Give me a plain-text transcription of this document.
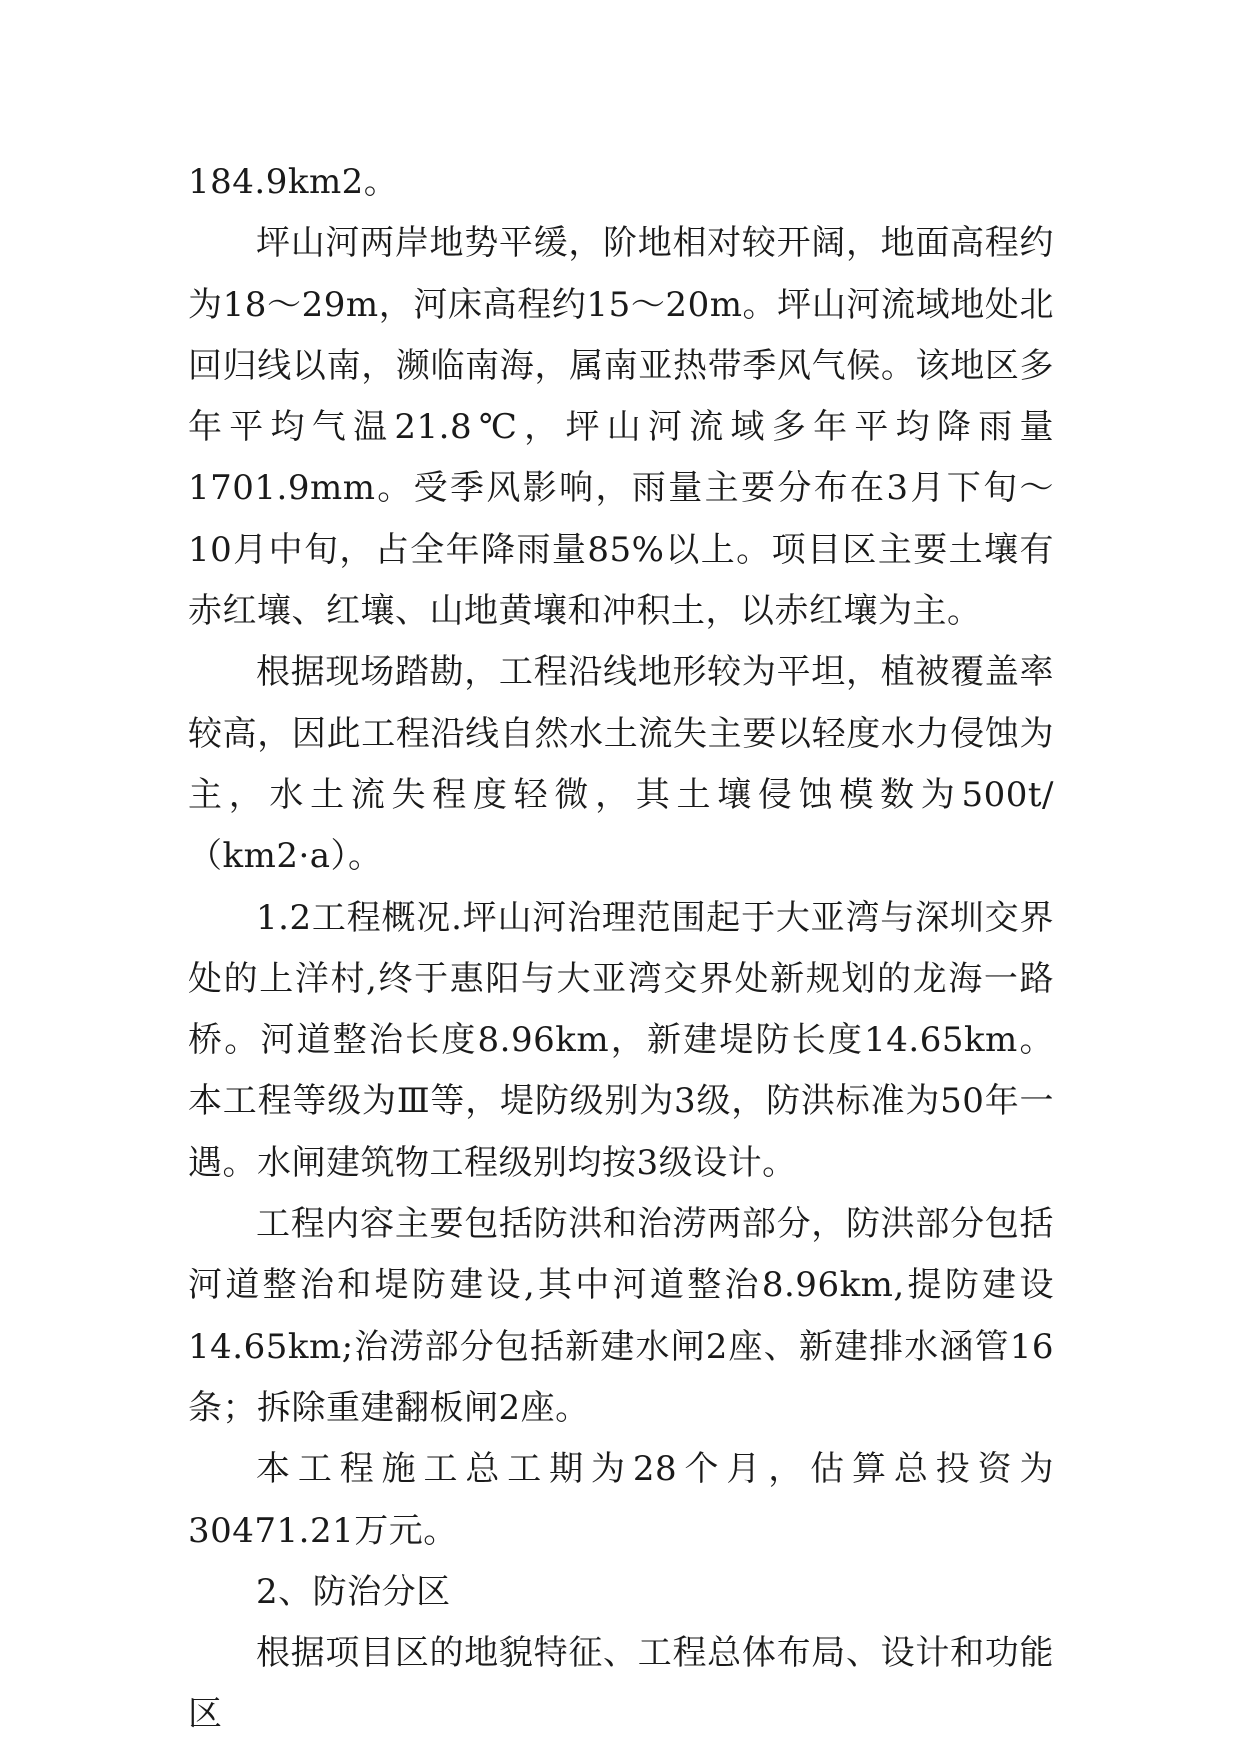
184.9km2。

坪山河两岸地势平缓，阶地相对较开阔，地面高程约为18～29m，河床高程约15～20m。坪山河流域地处北回归线以南，濒临南海，属南亚热带季风气候。该地区多年平均气温21.8℃，坪山河流域多年平均降雨量1701.9mm。受季风影响，雨量主要分布在3月下旬～10月中旬，占全年降雨量85%以上。项目区主要土壤有赤红壤、红壤、山地黄壤和冲积土，以赤红壤为主。

根据现场踏勘，工程沿线地形较为平坦，植被覆盖率较高，因此工程沿线自然水土流失主要以轻度水力侵蚀为主，水土流失程度轻微，其土壤侵蚀模数为500t/（km2·a）。

1.2工程概况.坪山河治理范围起于大亚湾与深圳交界处的上洋村,终于惠阳与大亚湾交界处新规划的龙海一路桥。河道整治长度8.96km，新建堤防长度14.65km。本工程等级为Ⅲ等，堤防级别为3级，防洪标准为50年一遇。水闸建筑物工程级别均按3级设计。

工程内容主要包括防洪和治涝两部分，防洪部分包括河道整治和堤防建设,其中河道整治8.96km,提防建设14.65km;治涝部分包括新建水闸2座、新建排水涵管16条；拆除重建翻板闸2座。

本工程施工总工期为28个月，估算总投资为30471.21万元。

2、防治分区

根据项目区的地貌特征、工程总体布局、设计和功能区
